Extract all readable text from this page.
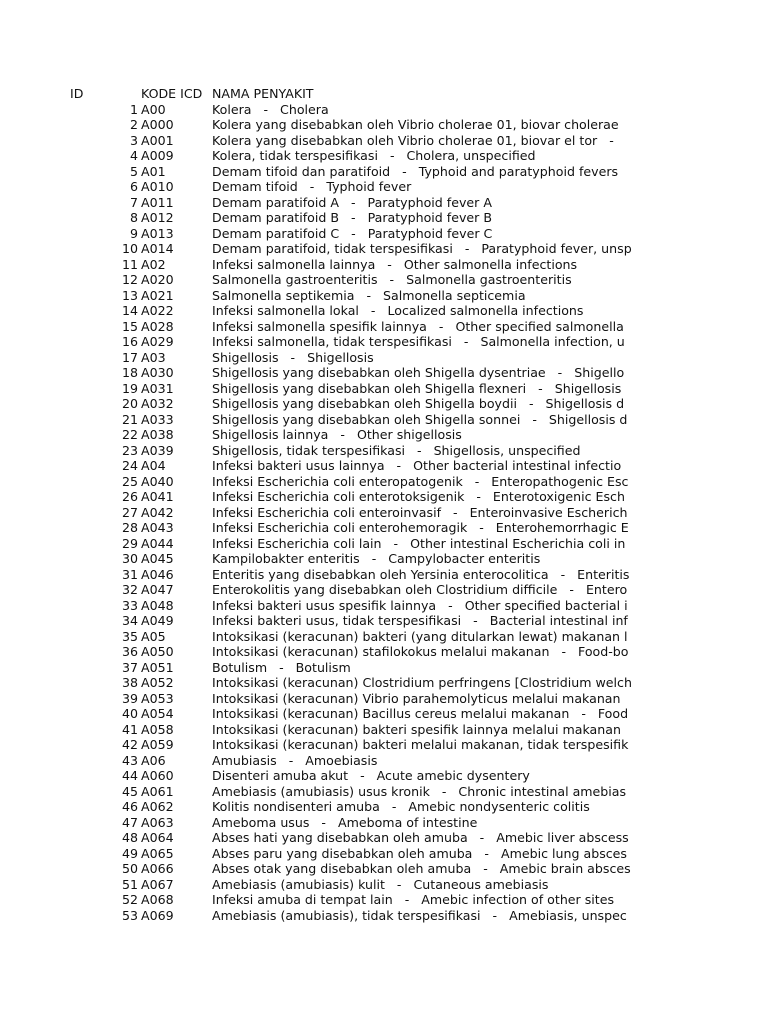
ID

	KODE ICD

NAMA PENYAKIT

1 A00	Kolera   -   Cholera
2 A000	Kolera yang disebabkan oleh Vibrio cholerae 01, biovar cholerae
3 A001	Kolera yang disebabkan oleh Vibrio cholerae 01, biovar el tor   -
4 A009	Kolera, tidak terspesifikasi   -   Cholera, unspecified
5 A01	Demam tifoid dan paratifoid   -   Typhoid and paratyphoid fevers
6 A010	Demam tifoid   -   Typhoid fever
7 A011	Demam paratifoid A   -   Paratyphoid fever A
8 A012	Demam paratifoid B   -   Paratyphoid fever B
9 A013	Demam paratifoid C   -   Paratyphoid fever C
10 A014	Demam paratifoid, tidak terspesifikasi   -   Paratyphoid fever, unsp
11 A02	Infeksi salmonella lainnya   -   Other salmonella infections
12 A020	Salmonella gastroenteritis   -   Salmonella gastroenteritis
13 A021	Salmonella septikemia   -   Salmonella septicemia
14 A022	Infeksi salmonella lokal   -   Localized salmonella infections
15 A028	Infeksi salmonella spesifik lainnya   -   Other specified salmonella
16 A029	Infeksi salmonella, tidak terspesifikasi   -   Salmonella infection, u
17 A03	Shigellosis   -   Shigellosis
18 A030	Shigellosis yang disebabkan oleh Shigella dysentriae   -   Shigello
19 A031	Shigellosis yang disebabkan oleh Shigella flexneri   -   Shigellosis
20 A032	Shigellosis yang disebabkan oleh Shigella boydii   -   Shigellosis d
21 A033	Shigellosis yang disebabkan oleh Shigella sonnei   -   Shigellosis d
22 A038	Shigellosis lainnya   -   Other shigellosis
23 A039	Shigellosis, tidak terspesifikasi   -   Shigellosis, unspecified
24 A04	Infeksi bakteri usus lainnya   -   Other bacterial intestinal infectio
25 A040	Infeksi Escherichia coli enteropatogenik   -   Enteropathogenic Esc
26 A041	Infeksi Escherichia coli enterotoksigenik   -   Enterotoxigenic Esch
27 A042	Infeksi Escherichia coli enteroinvasif   -   Enteroinvasive Escherich
28 A043	Infeksi Escherichia coli enterohemoragik   -   Enterohemorrhagic E
29 A044	Infeksi Escherichia coli lain   -   Other intestinal Escherichia coli in
30 A045	Kampilobakter enteritis   -   Campylobacter enteritis
31 A046	Enteritis yang disebabkan oleh Yersinia enterocolitica   -   Enteritis
32 A047	Enterokolitis yang disebabkan oleh Clostridium difficile   -   Entero
33 A048	Infeksi bakteri usus spesifik lainnya   -   Other specified bacterial i
34 A049	Infeksi bakteri usus, tidak terspesifikasi   -   Bacterial intestinal inf
35 A05	Intoksikasi (keracunan) bakteri (yang ditularkan lewat) makanan l
36 A050	Intoksikasi (keracunan) stafilokokus melalui makanan   -   Food-bo
37 A051	Botulism   -   Botulism
38 A052	Intoksikasi (keracunan) Clostridium perfringens [Clostridium welch
39 A053	Intoksikasi (keracunan) Vibrio parahemolyticus melalui makanan
40 A054	Intoksikasi (keracunan) Bacillus cereus melalui makanan   -   Food
41 A058	Intoksikasi (keracunan) bakteri spesifik lainnya melalui makanan
42 A059	Intoksikasi (keracunan) bakteri melalui makanan, tidak terspesifik
43 A06	Amubiasis   -   Amoebiasis
44 A060	Disenteri amuba akut   -   Acute amebic dysentery
45 A061	Amebiasis (amubiasis) usus kronik   -   Chronic intestinal amebias
46 A062	Kolitis nondisenteri amuba   -   Amebic nondysenteric colitis
47 A063	Ameboma usus   -   Ameboma of intestine
48 A064	Abses hati yang disebabkan oleh amuba   -   Amebic liver abscess
49 A065	Abses paru yang disebabkan oleh amuba   -   Amebic lung absces
50 A066	Abses otak yang disebabkan oleh amuba   -   Amebic brain absces
51 A067	Amebiasis (amubiasis) kulit   -   Cutaneous amebiasis
52 A068	Infeksi amuba di tempat lain   -   Amebic infection of other sites
53 A069	Amebiasis (amubiasis), tidak terspesifikasi   -   Amebiasis, unspec
